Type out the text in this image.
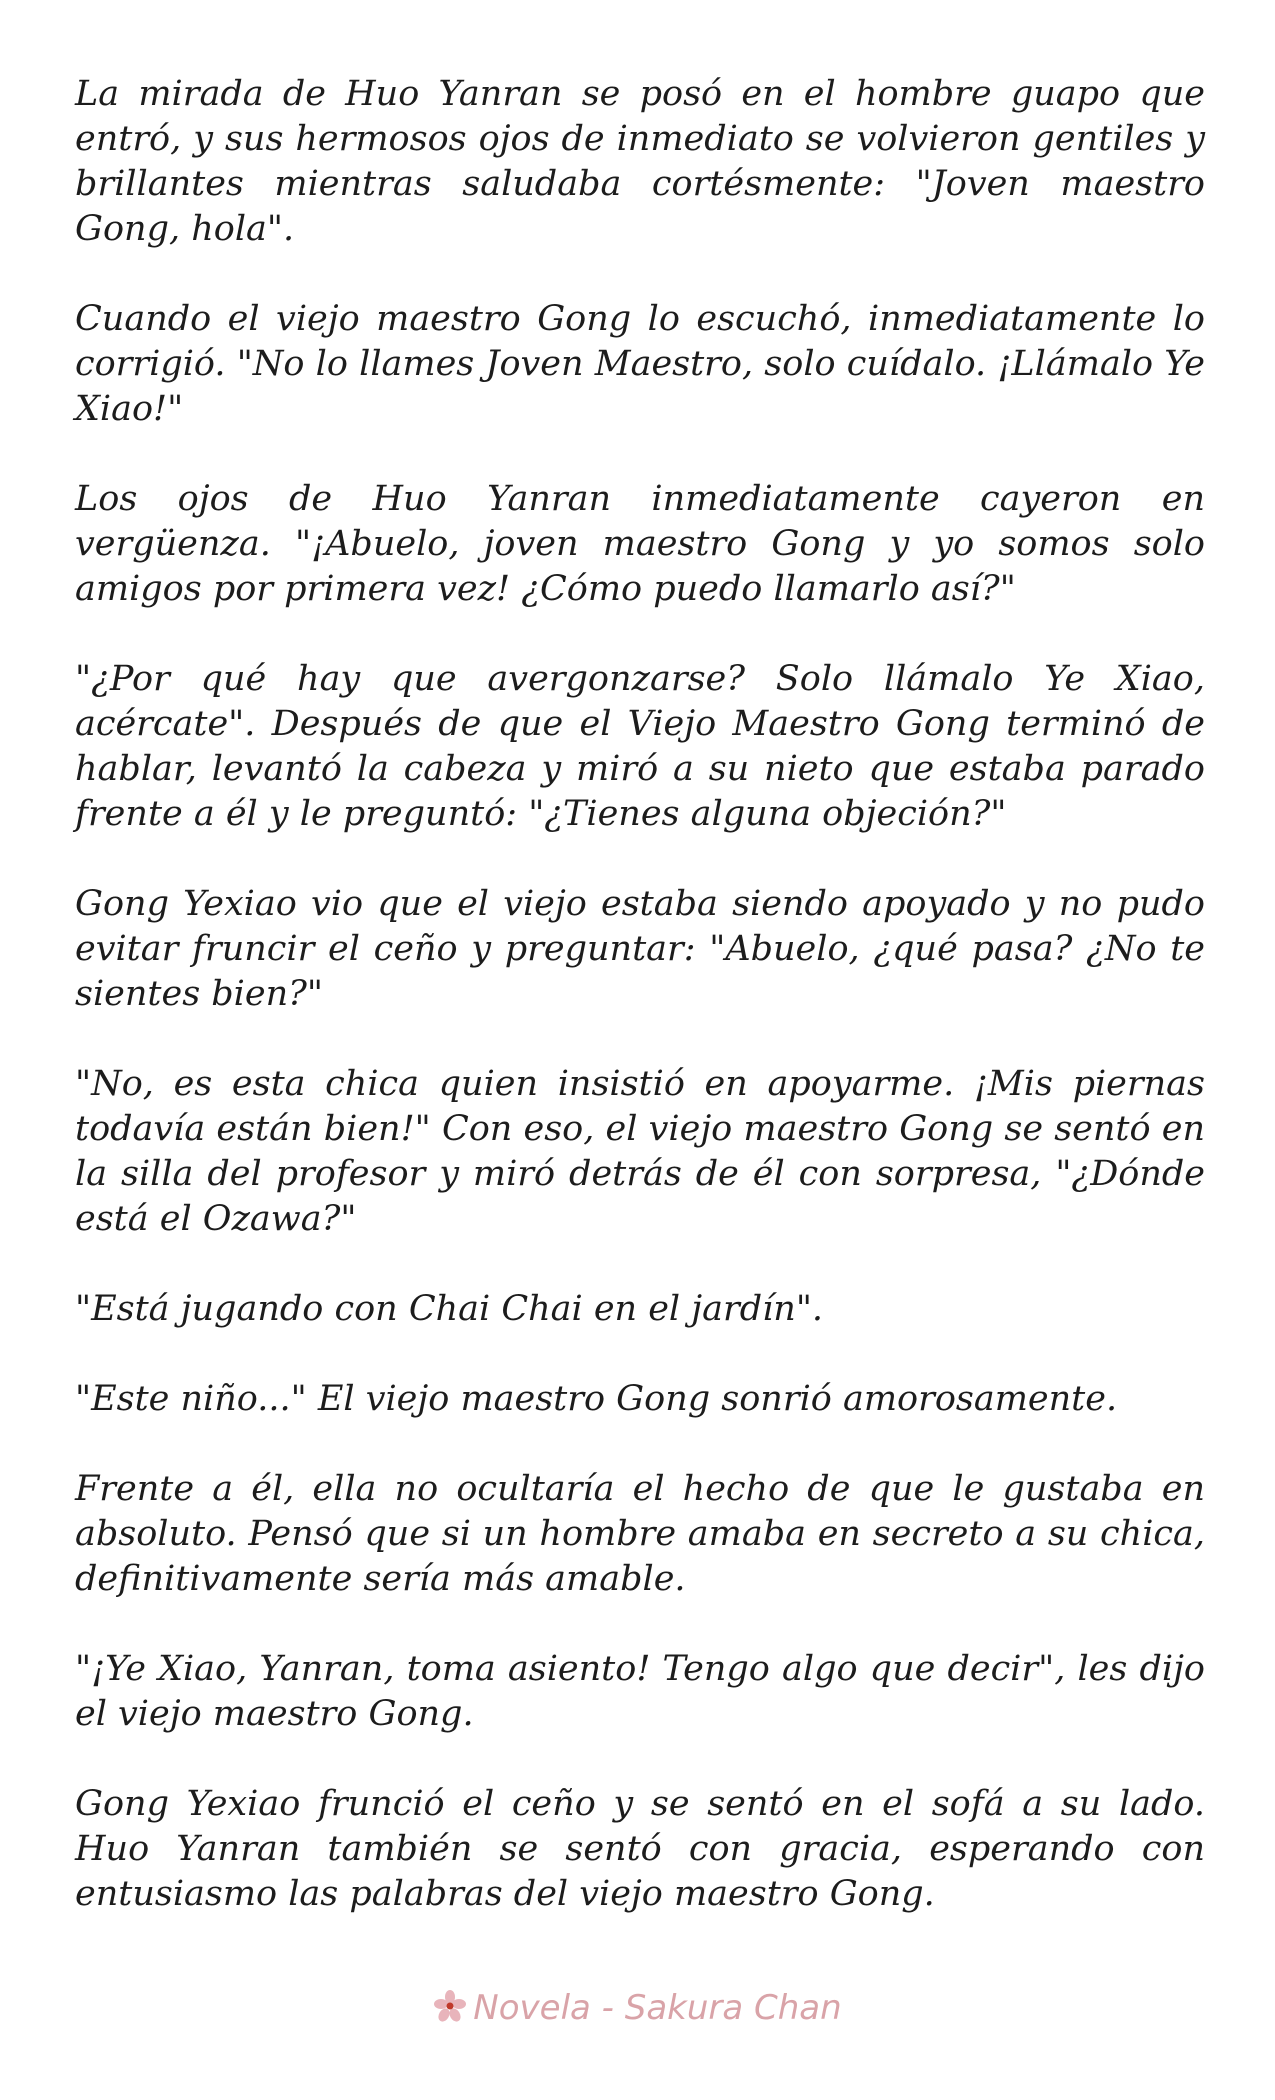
La mirada de Huo Yanran se posó en el hombre guapo que entró, y sus hermosos ojos de inmediato se volvieron gentiles y brillantes mientras saludaba cortésmente: "Joven maestro Gong, hola".

Cuando el viejo maestro Gong lo escuchó, inmediatamente lo corrigió. "No lo llames Joven Maestro, solo cuídalo. ¡Llámalo Ye Xiao!"

Los ojos de Huo Yanran inmediatamente cayeron en vergüenza. "¡Abuelo, joven maestro Gong y yo somos solo amigos por primera vez! ¿Cómo puedo llamarlo así?"

"¿Por qué hay que avergonzarse? Solo llámalo Ye Xiao, acércate". Después de que el Viejo Maestro Gong terminó de hablar, levantó la cabeza y miró a su nieto que estaba parado frente a él y le preguntó: "¿Tienes alguna objeción?"

Gong Yexiao vio que el viejo estaba siendo apoyado y no pudo evitar fruncir el ceño y preguntar: "Abuelo, ¿qué pasa? ¿No te sientes bien?"

"No, es esta chica quien insistió en apoyarme. ¡Mis piernas todavía están bien!" Con eso, el viejo maestro Gong se sentó en la silla del profesor y miró detrás de él con sorpresa, "¿Dónde está el Ozawa?"

"Está jugando con Chai Chai en el jardín".

"Este niño..." El viejo maestro Gong sonrió amorosamente.

Frente a él, ella no ocultaría el hecho de que le gustaba en absoluto. Pensó que si un hombre amaba en secreto a su chica, definitivamente sería más amable.

"¡Ye Xiao, Yanran, toma asiento! Tengo algo que decir", les dijo el viejo maestro Gong.

Gong Yexiao frunció el ceño y se sentó en el sofá a su lado. Huo Yanran también se sentó con gracia, esperando con entusiasmo las palabras del viejo maestro Gong.

Novela - Sakura Chan
